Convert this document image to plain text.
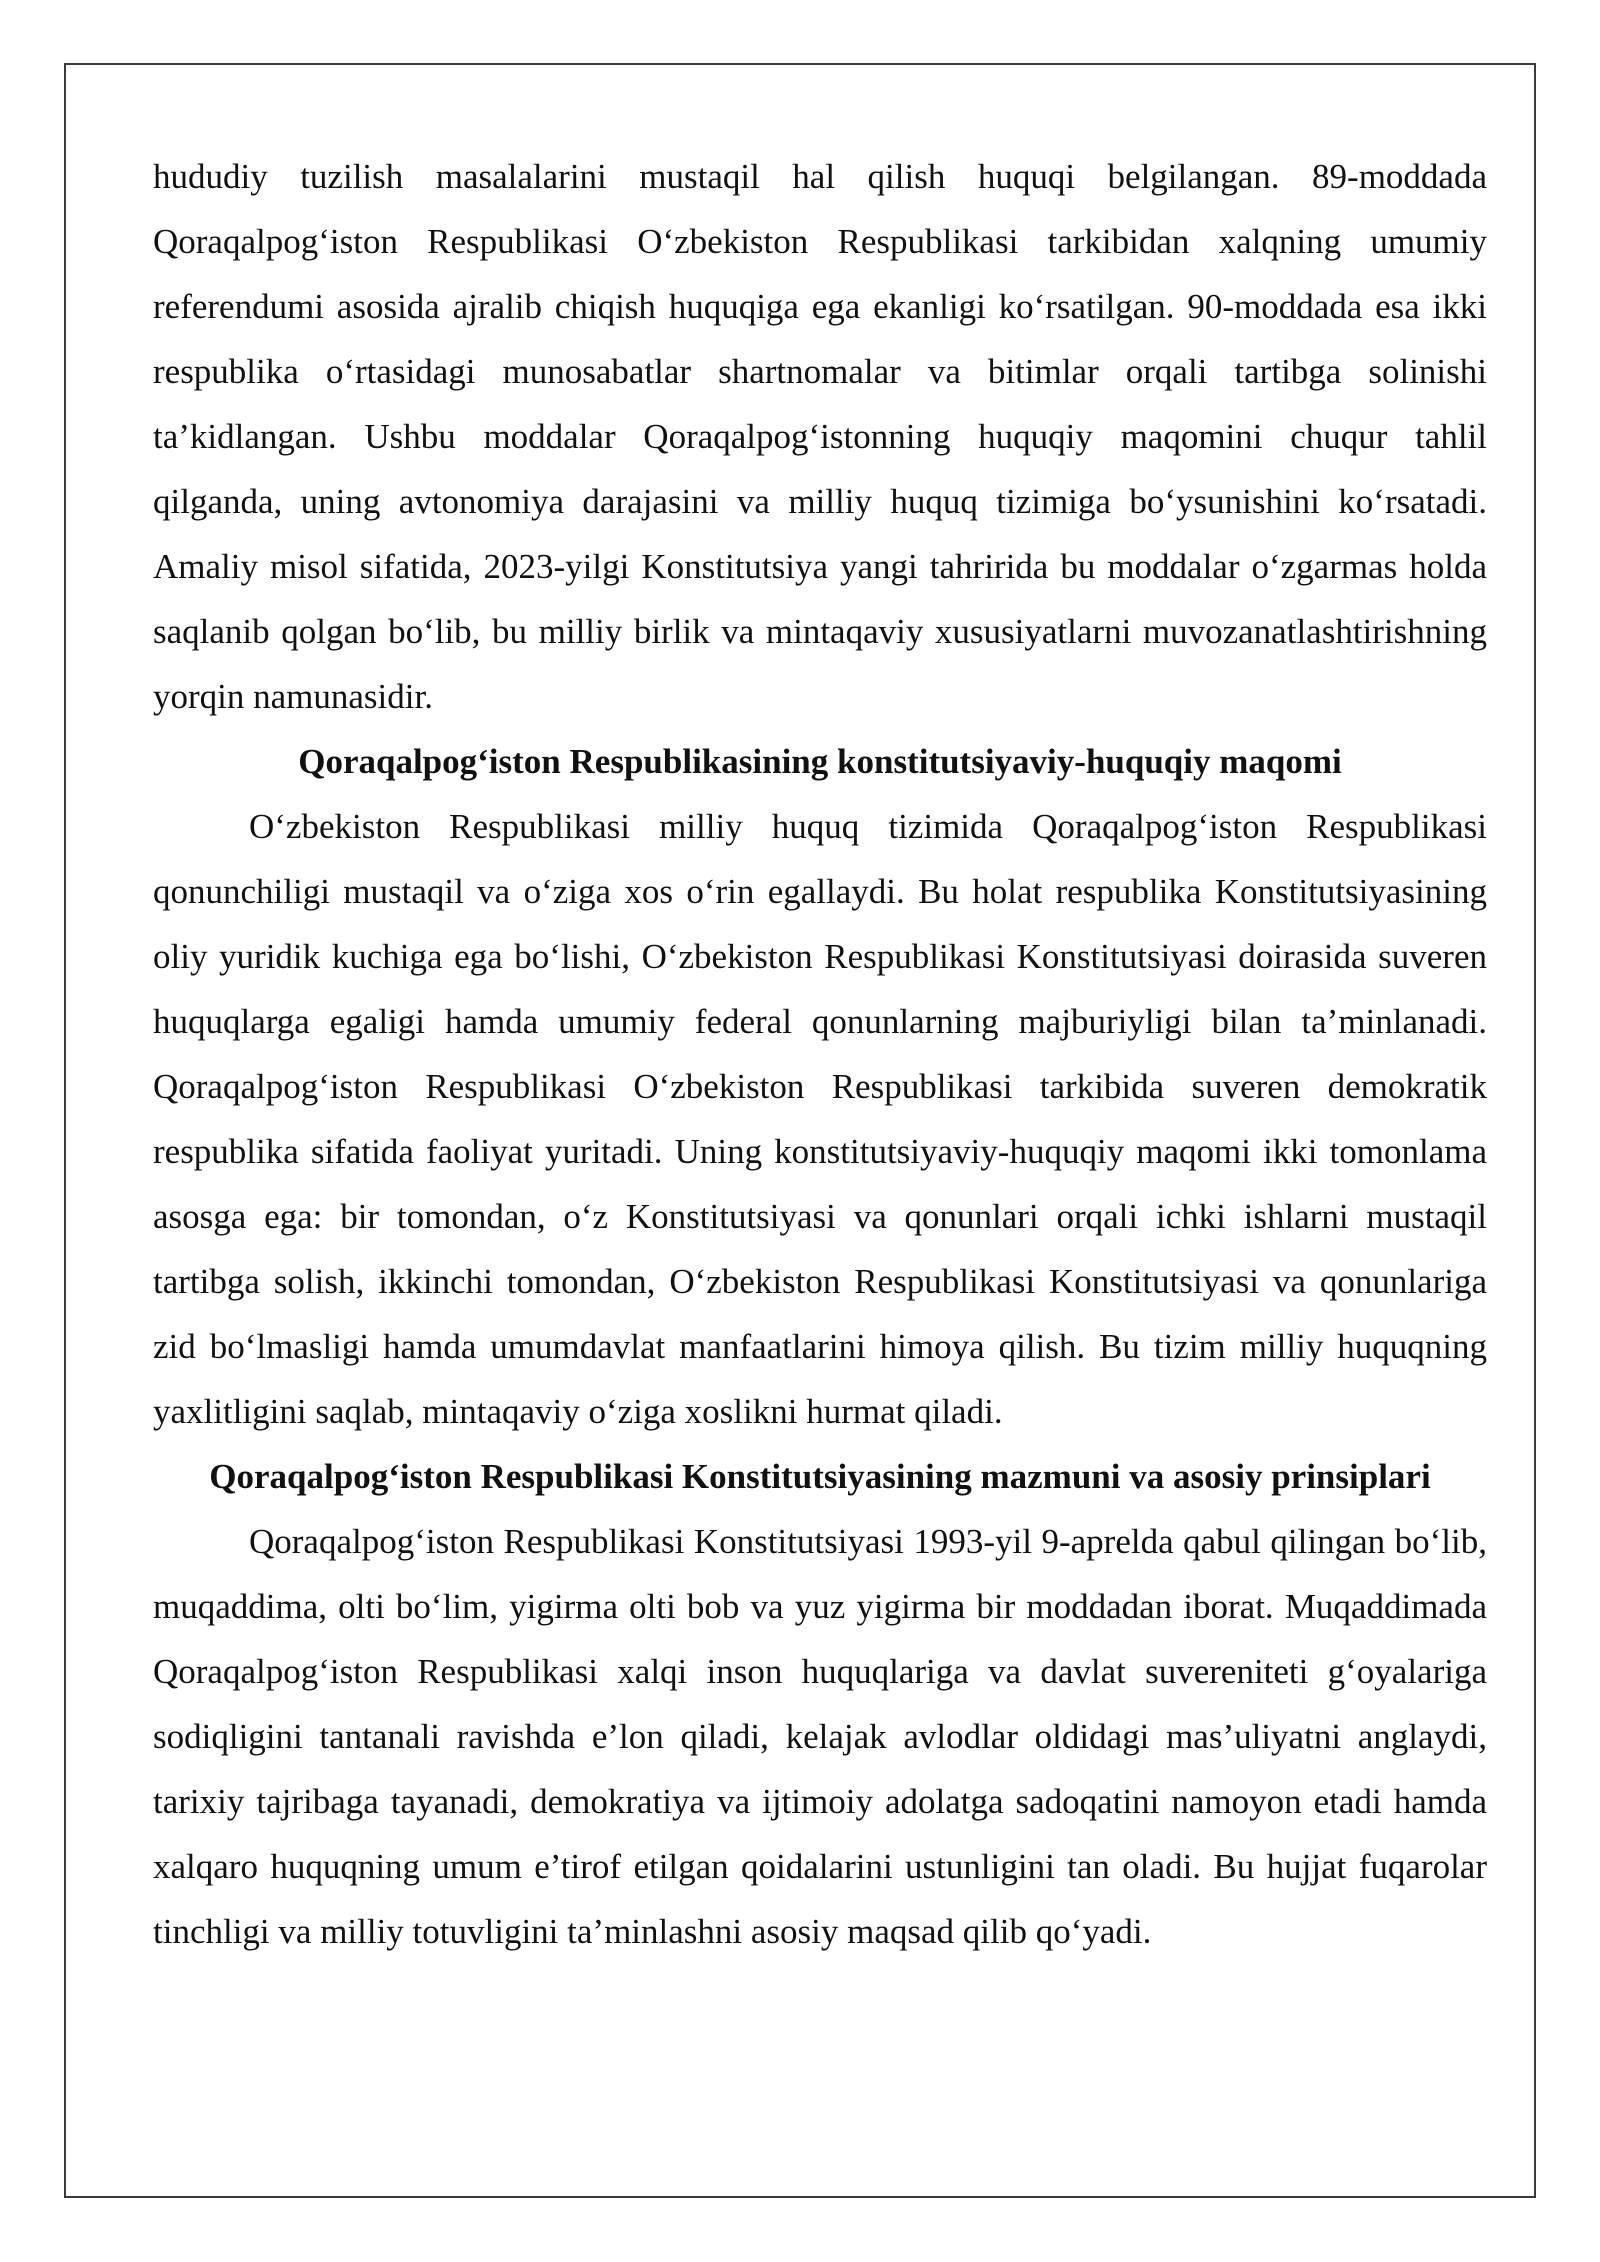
hududiy tuzilish masalalarini mustaqil hal qilish huquqi belgilangan. 89-moddada Qoraqalpog‘iston Respublikasi O‘zbekiston Respublikasi tarkibidan xalqning umumiy referendumi asosida ajralib chiqish huquqiga ega ekanligi ko‘rsatilgan. 90-moddada esa ikki respublika o‘rtasidagi munosabatlar shartnomalar va bitimlar orqali tartibga solinishi ta’kidlangan. Ushbu moddalar Qoraqalpog‘istonning huquqiy maqomini chuqur tahlil qilganda, uning avtonomiya darajasini va milliy huquq tizimiga bo‘ysunishini ko‘rsatadi. Amaliy misol sifatida, 2023-yilgi Konstitutsiya yangi tahririda bu moddalar o‘zgarmas holda saqlanib qolgan bo‘lib, bu milliy birlik va mintaqaviy xususiyatlarni muvozanatlashtirishning yorqin namunasidir.

Qoraqalpog‘iston Respublikasining konstitutsiyaviy-huquqiy maqomi

O‘zbekiston Respublikasi milliy huquq tizimida Qoraqalpog‘iston Respublikasi qonunchiligi mustaqil va o‘ziga xos o‘rin egallaydi. Bu holat respublika Konstitutsiyasining oliy yuridik kuchiga ega bo‘lishi, O‘zbekiston Respublikasi Konstitutsiyasi doirasida suveren huquqlarga egaligi hamda umumiy federal qonunlarning majburiyligi bilan ta’minlanadi. Qoraqalpog‘iston Respublikasi O‘zbekiston Respublikasi tarkibida suveren demokratik respublika sifatida faoliyat yuritadi. Uning konstitutsiyaviy-huquqiy maqomi ikki tomonlama asosga ega: bir tomondan, o‘z Konstitutsiyasi va qonunlari orqali ichki ishlarni mustaqil tartibga solish, ikkinchi tomondan, O‘zbekiston Respublikasi Konstitutsiyasi va qonunlariga zid bo‘lmasligi hamda umumdavlat manfaatlarini himoya qilish. Bu tizim milliy huquqning yaxlitligini saqlab, mintaqaviy o‘ziga xoslikni hurmat qiladi.

Qoraqalpog‘iston Respublikasi Konstitutsiyasining mazmuni va asosiy prinsiplari

Qoraqalpog‘iston Respublikasi Konstitutsiyasi 1993-yil 9-aprelda qabul qilingan bo‘lib, muqaddima, olti bo‘lim, yigirma olti bob va yuz yigirma bir moddadan iborat. Muqaddimada Qoraqalpog‘iston Respublikasi xalqi inson huquqlariga va davlat suvereniteti g‘oyalariga sodiqligini tantanali ravishda e’lon qiladi, kelajak avlodlar oldidagi mas’uliyatni anglaydi, tarixiy tajribaga tayanadi, demokratiya va ijtimoiy adolatga sadoqatini namoyon etadi hamda xalqaro huquqning umum e’tirof etilgan qoidalarini ustunligini tan oladi. Bu hujjat fuqarolar tinchligi va milliy totuvligini ta’minlashni asosiy maqsad qilib qo‘yadi.
